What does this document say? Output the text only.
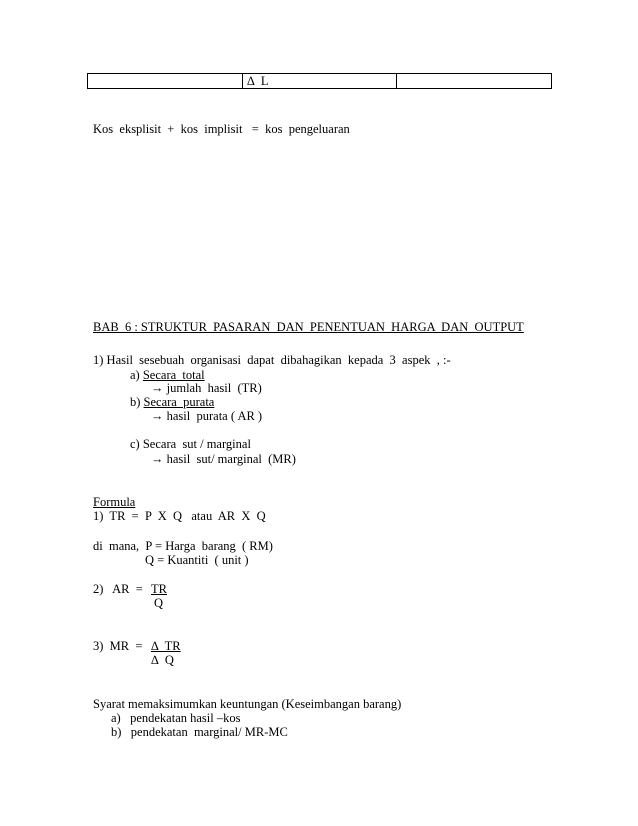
	∆  L	
Kos  eksplisit  +  kos  implisit   =  kos  pengeluaran
BAB  6 : STRUKTUR  PASARAN  DAN  PENENTUAN  HARGA  DAN  OUTPUT
1) Hasil  sesebuah  organisasi  dapat  dibahagikan  kepada  3  aspek  , :-
a) Secara  total
→ jumlah  hasil  (TR)
b) Secara  purata
→ hasil  purata ( AR )
c) Secara  sut / marginal
→ hasil  sut/ marginal  (MR)
Formula
1)  TR  =  P  X  Q   atau  AR  X  Q
di  mana,  P = Harga  barang  ( RM)
Q = Kuantiti  ( unit )
2)   AR  = TR
Q
3)  MR  = ∆  TR
∆  Q
Syarat memaksimumkan keuntungan (Keseimbangan barang)
a)   pendekatan hasil –kos
b)   pendekatan  marginal/ MR-MC
